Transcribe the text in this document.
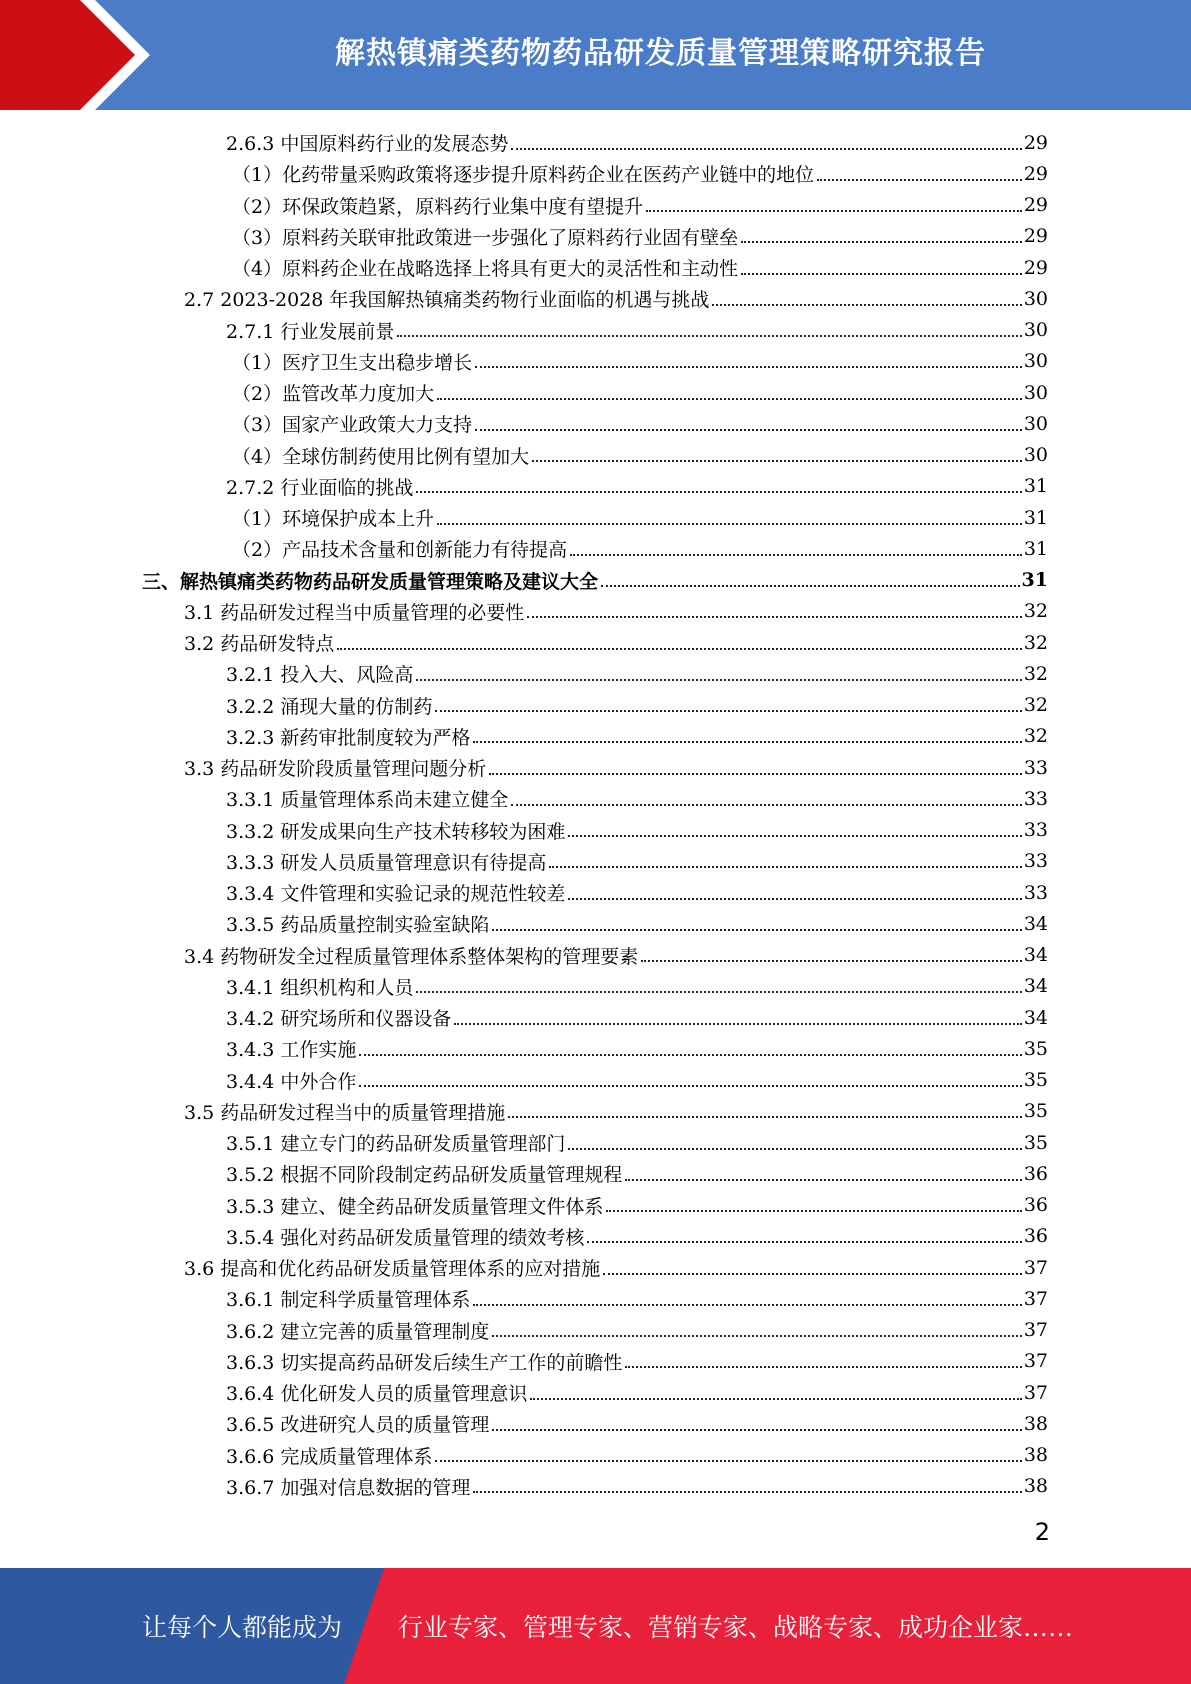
解热镇痛类药物药品研发质量管理策略研究报告
2.6.3 中国原料药行业的发展态势	29
（1）化药带量采购政策将逐步提升原料药企业在医药产业链中的地位	29
（2）环保政策趋紧，原料药行业集中度有望提升	29
（3）原料药关联审批政策进一步强化了原料药行业固有壁垒	29
（4）原料药企业在战略选择上将具有更大的灵活性和主动性	29
2.7 2023-2028 年我国解热镇痛类药物行业面临的机遇与挑战	30
2.7.1 行业发展前景	30
（1）医疗卫生支出稳步增长	30
（2）监管改革力度加大	30
（3）国家产业政策大力支持	30
（4）全球仿制药使用比例有望加大	30
2.7.2 行业面临的挑战	31
（1）环境保护成本上升	31
（2）产品技术含量和创新能力有待提高	31
三、解热镇痛类药物药品研发质量管理策略及建议大全	31
3.1 药品研发过程当中质量管理的必要性	32
3.2 药品研发特点	32
3.2.1 投入大、风险高	32
3.2.2 涌现大量的仿制药	32
3.2.3 新药审批制度较为严格	32
3.3 药品研发阶段质量管理问题分析	33
3.3.1 质量管理体系尚未建立健全	33
3.3.2 研发成果向生产技术转移较为困难	33
3.3.3 研发人员质量管理意识有待提高	33
3.3.4 文件管理和实验记录的规范性较差	33
3.3.5 药品质量控制实验室缺陷	34
3.4 药物研发全过程质量管理体系整体架构的管理要素	34
3.4.1 组织机构和人员	34
3.4.2 研究场所和仪器设备	34
3.4.3 工作实施	35
3.4.4 中外合作	35
3.5 药品研发过程当中的质量管理措施	35
3.5.1 建立专门的药品研发质量管理部门	35
3.5.2 根据不同阶段制定药品研发质量管理规程	36
3.5.3 建立、健全药品研发质量管理文件体系	36
3.5.4 强化对药品研发质量管理的绩效考核	36
3.6 提高和优化药品研发质量管理体系的应对措施	37
3.6.1 制定科学质量管理体系	37
3.6.2 建立完善的质量管理制度	37
3.6.3 切实提高药品研发后续生产工作的前瞻性	37
3.6.4 优化研发人员的质量管理意识	37
3.6.5 改进研究人员的质量管理	38
3.6.6 完成质量管理体系	38
3.6.7 加强对信息数据的管理	38
2
让每个人都能成为 行业专家、管理专家、营销专家、战略专家、成功企业家……
